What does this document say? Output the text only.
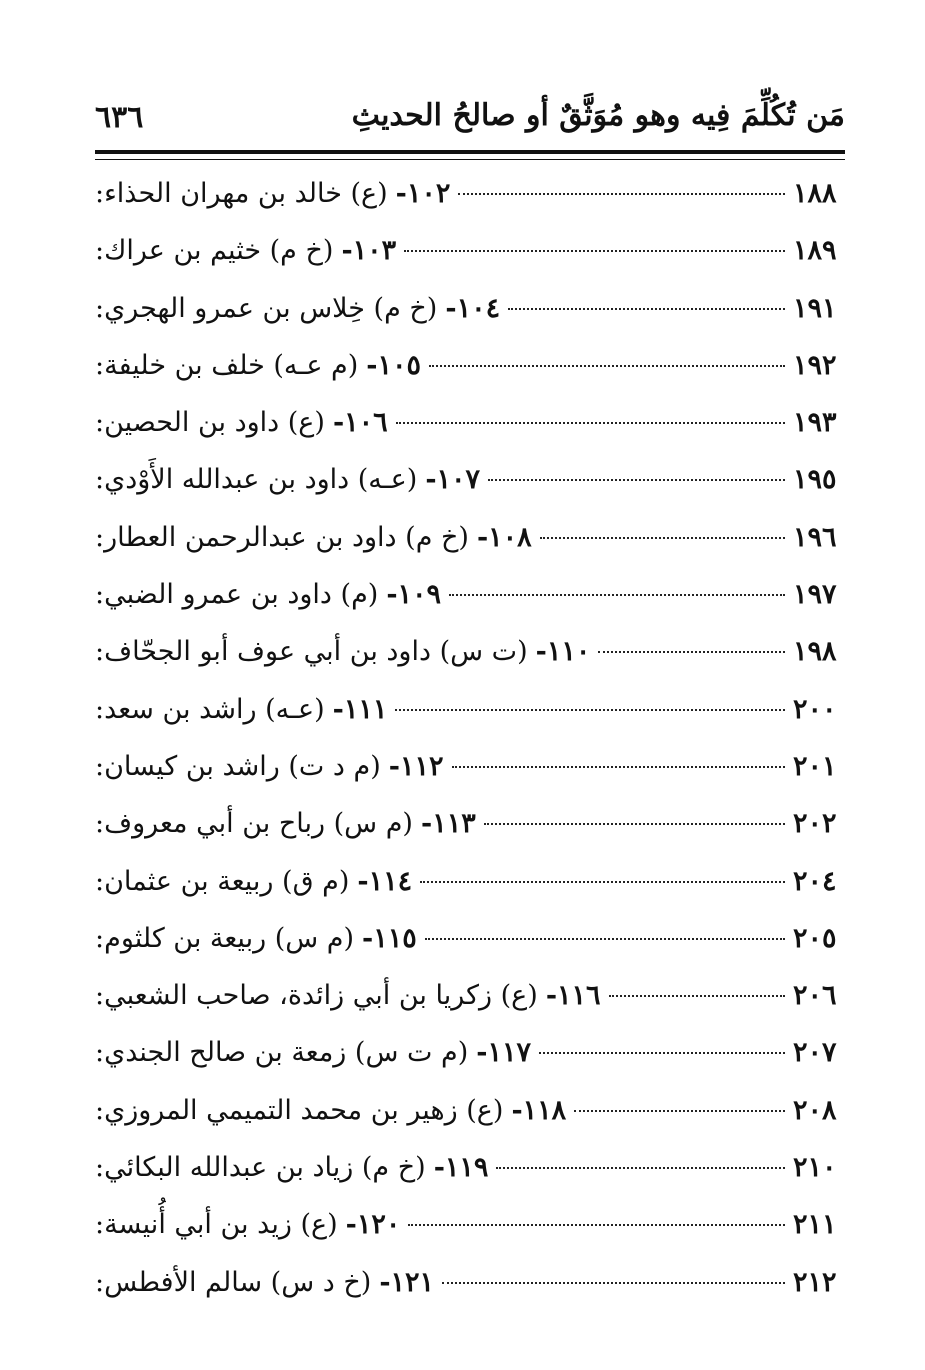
مَن تُكُلِّمَ فِيه وهو مُوَثَّقٌ أو صالحُ الحديثِ
٦٣٦
١٠٢-(ع) خالد بن مهران الحذاء:	١٨٨
١٠٣-(خ م) خثيم بن عراك:	١٨٩
١٠٤-(خ م) خِلاس بن عمرو الهجري:	١٩١
١٠٥-(م عـه) خلف بن خليفة:	١٩٢
١٠٦-(ع) داود بن الحصين:	١٩٣
١٠٧-(عـه) داود بن عبدالله الأَوْدي:	١٩٥
١٠٨-(خ م) داود بن عبدالرحمن العطار:	١٩٦
١٠٩-(م) داود بن عمرو الضبي:	١٩٧
١١٠-(ت س) داود بن أبي عوف أبو الجحّاف:	١٩٨
١١١-(عـه) راشد بن سعد:	٢٠٠
١١٢-(م د ت) راشد بن كيسان:	٢٠١
١١٣-(م س) رباح بن أبي معروف:	٢٠٢
١١٤-(م ق) ربيعة بن عثمان:	٢٠٤
١١٥-(م س) ربيعة بن كلثوم:	٢٠٥
١١٦-(ع) زكريا بن أبي زائدة، صاحب الشعبي:	٢٠٦
١١٧-(م ت س) زمعة بن صالح الجندي:	٢٠٧
١١٨-(ع) زهير بن محمد التميمي المروزي:	٢٠٨
١١٩-(خ م) زياد بن عبدالله البكائي:	٢١٠
١٢٠-(ع) زيد بن أبي أُنيسة:	٢١١
١٢١-(خ د س) سالم الأفطس:	٢١٢
